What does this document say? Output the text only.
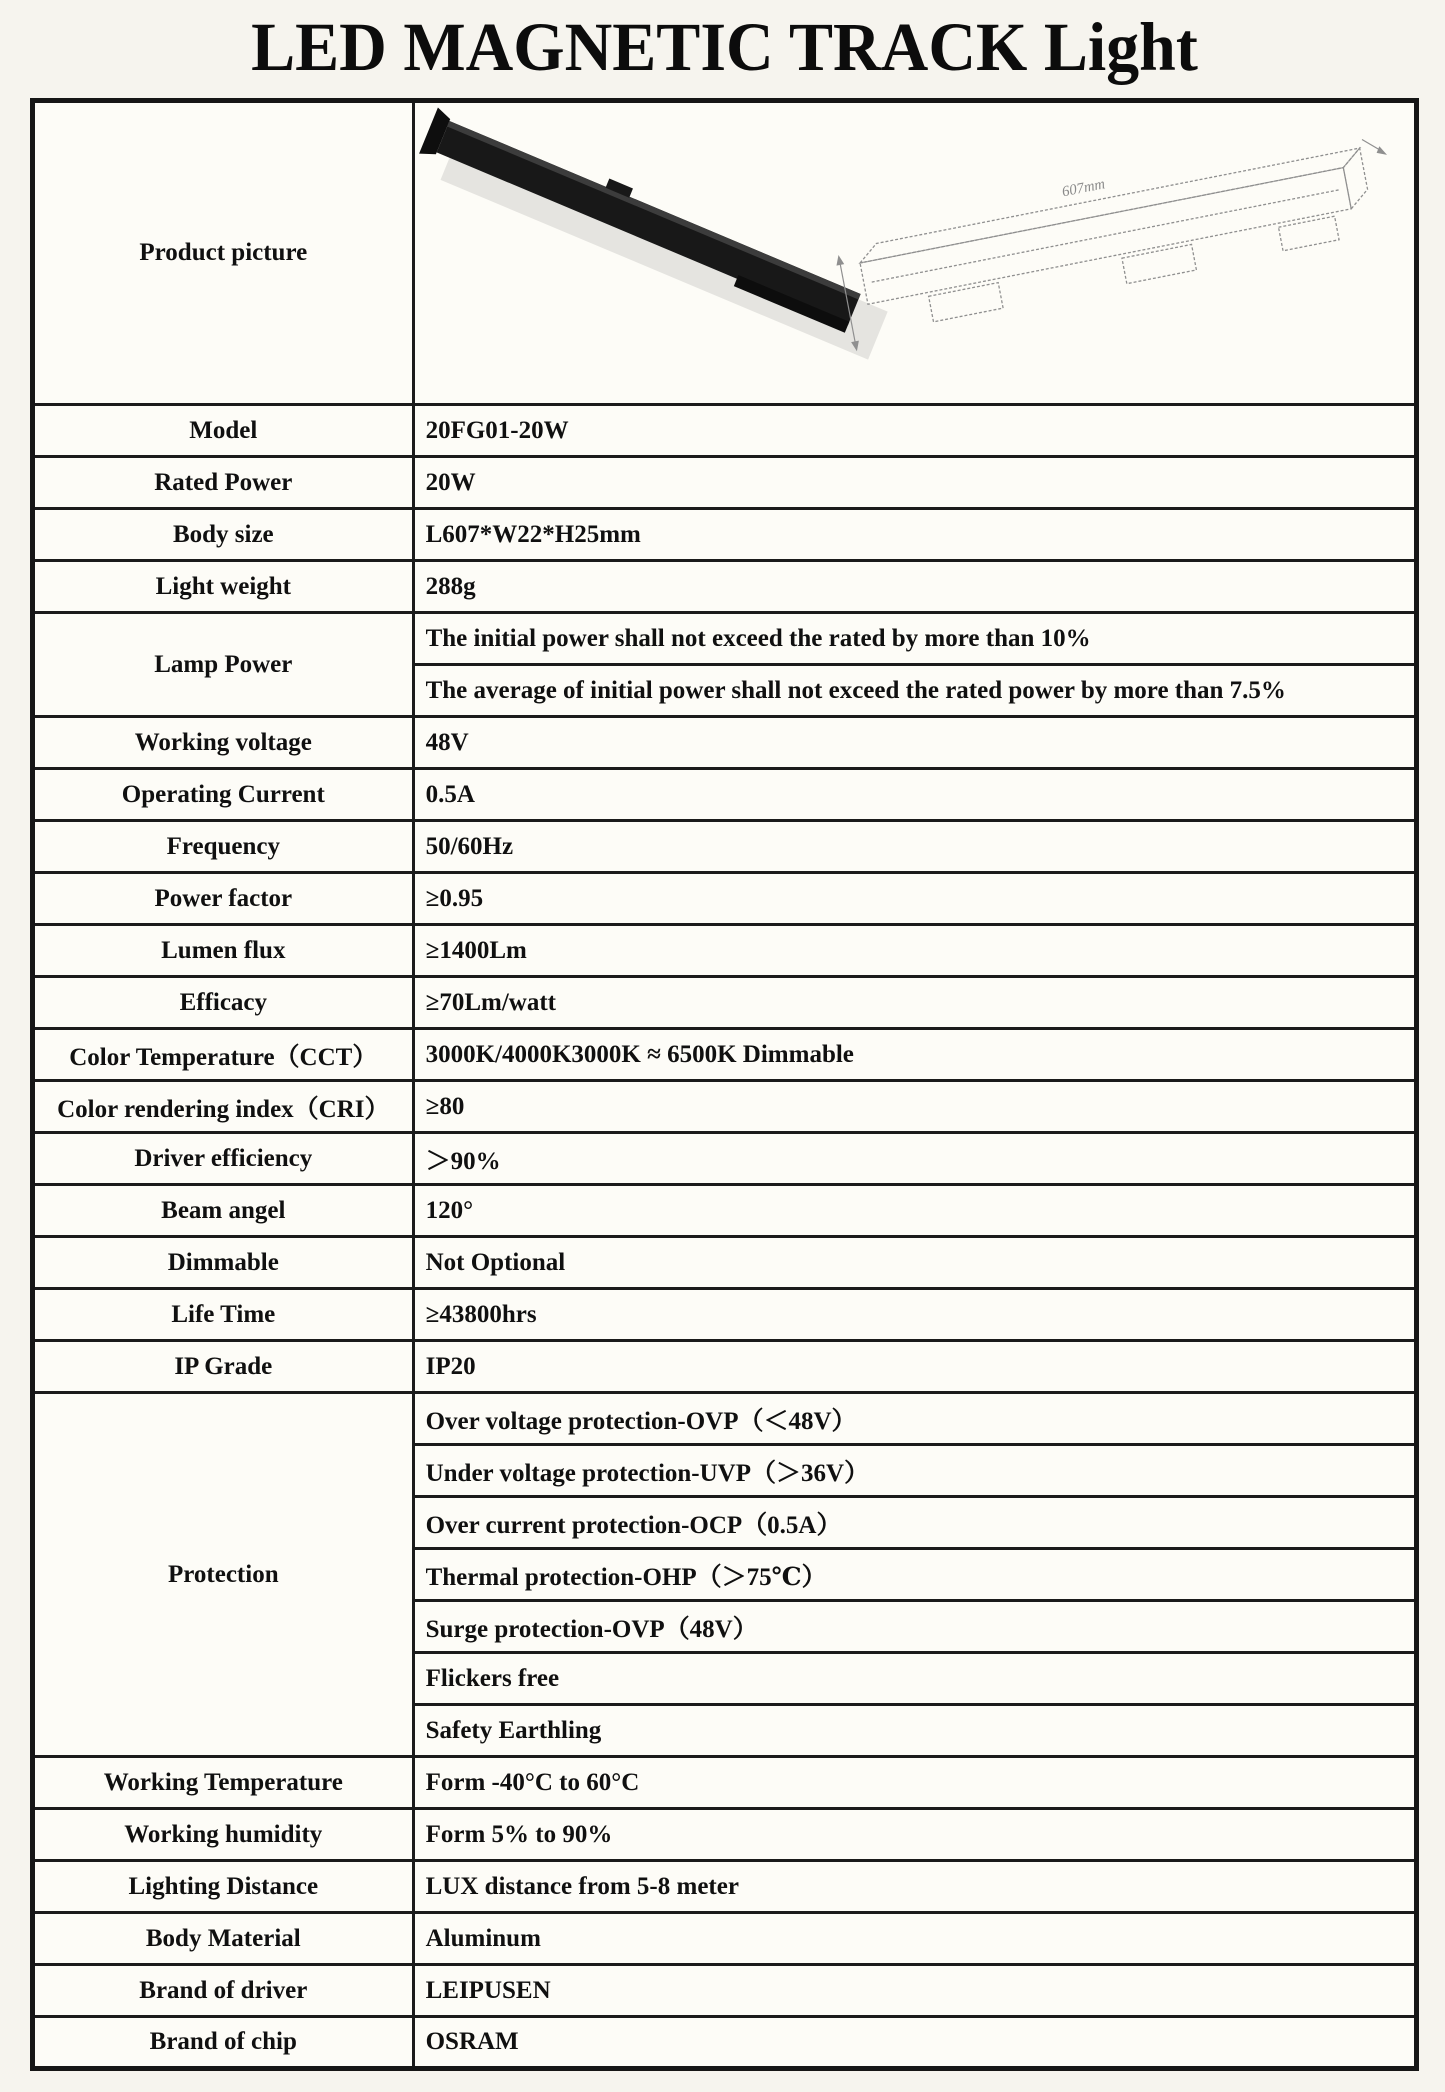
LED MAGNETIC TRACK Light
Product picture	607mm

Model	20FG01-20W
Rated Power	20W
Body size	L607*W22*H25mm
Light weight	288g
Lamp Power	The initial power shall not exceed the rated by more than 10%
	The average of initial power shall not exceed the rated power by more than 7.5%
Working voltage	48V
Operating Current	0.5A
Frequency	50/60Hz
Power factor	≥0.95
Lumen flux	≥1400Lm
Efficacy	≥70Lm/watt
Color Temperature（CCT）	3000K/4000K3000K ≈ 6500K Dimmable
Color rendering index（CRI）	≥80
Driver efficiency	＞90%
Beam angel	120°
Dimmable	Not Optional
Life Time	≥43800hrs
IP Grade	IP20
Protection	Over voltage protection-OVP（＜48V）
	Under voltage protection-UVP（＞36V）
	Over current protection-OCP（0.5A）
	Thermal protection-OHP（＞75℃）
	Surge protection-OVP（48V）
	Flickers free
	Safety Earthling
Working Temperature	Form -40°C to 60°C
Working humidity	Form 5% to 90%
Lighting Distance	LUX distance from 5-8 meter
Body Material	Aluminum
Brand of driver	LEIPUSEN
Brand of chip	OSRAM
